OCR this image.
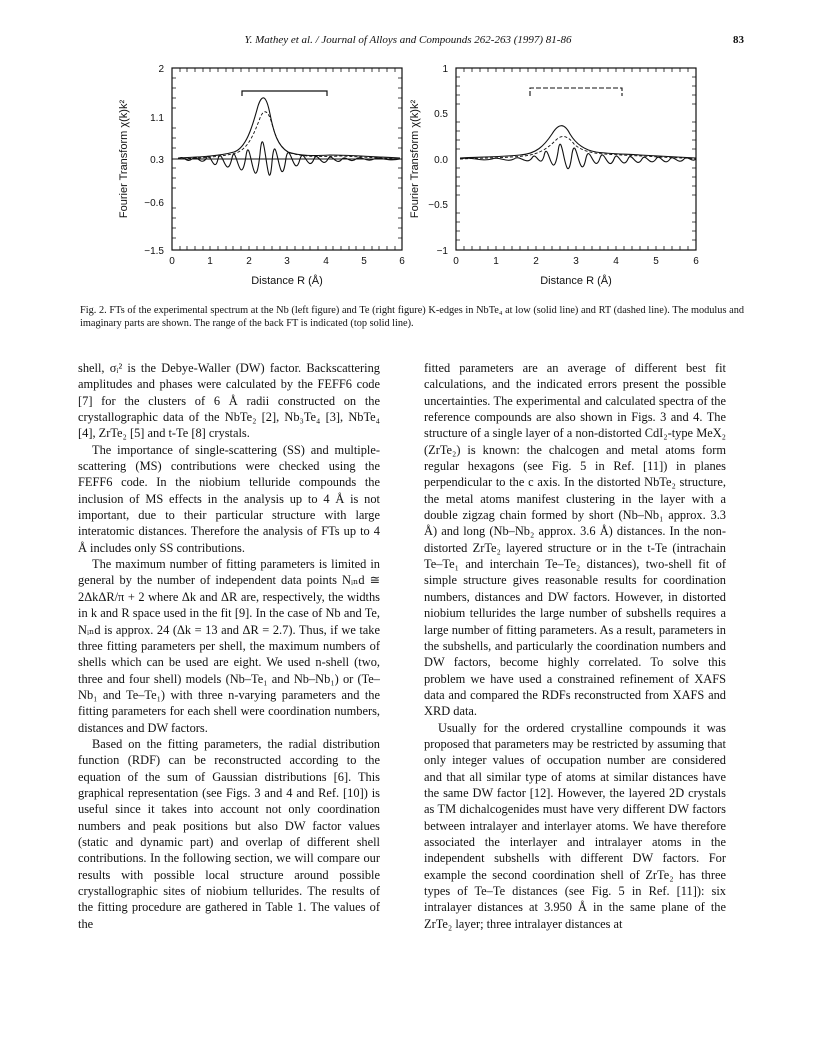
Y. Mathey et al. / Journal of Alloys and Compounds 262-263 (1997) 81-86	83
2
1.1
0.3
−0.6
−1.5
0	1	2	3	4	5	6
Distance R (Å)
Fourier Transform χ(k)k²
1
0.5
0.0
−0.5
−1
0	1	2	3	4	5	6
Distance R (Å)
Fourier Transform χ(k)k²
Fig. 2. FTs of the experimental spectrum at the Nb (left figure) and Te (right figure) K-edges in NbTe₄ at low (solid line) and RT (dashed line). The modulus and imaginary parts are shown. The range of the back FT is indicated (top solid line).

shell, σᵢ² is the Debye-Waller (DW) factor. Backscattering amplitudes and phases were calculated by the FEFF6 code [7] for the clusters of 6 Å radii constructed on the crystallographic data of the NbTe₂ [2], Nb₃Te₄ [3], NbTe₄ [4], ZrTe₂ [5] and t-Te [8] crystals.

The importance of single-scattering (SS) and multiple-scattering (MS) contributions were checked using the FEFF6 code. In the niobium telluride compounds the inclusion of MS effects in the analysis up to 4 Å is not important, due to their particular structure with large interatomic distances. Therefore the analysis of FTs up to 4 Å includes only SS contributions.

The maximum number of fitting parameters is limited in general by the number of independent data points Nᵢₙd ≅ 2ΔkΔR/π + 2 where Δk and ΔR are, respectively, the widths in k and R space used in the fit [9]. In the case of Nb and Te, Nᵢₙd is approx. 24 (Δk = 13 and ΔR = 2.7). Thus, if we take three fitting parameters per shell, the maximum numbers of shells which can be used are eight. We used n-shell (two, three and four shell) models (Nb–Te₁ and Nb–Nb₁) or (Te–Nb₁ and Te–Te₁) with three n-varying parameters and the fitting parameters for each shell were coordination numbers, distances and DW factors.

Based on the fitting parameters, the radial distribution function (RDF) can be reconstructed according to the equation of the sum of Gaussian distributions [6]. This graphical representation (see Figs. 3 and 4 and Ref. [10]) is useful since it takes into account not only coordination numbers and peak positions but also DW factor values (static and dynamic part) and overlap of different shell contributions. In the following section, we will compare our results with possible local structure around possible crystallographic sites of niobium tellurides. The results of the fitting procedure are gathered in Table 1. The values of the

fitted parameters are an average of different best fit calculations, and the indicated errors present the possible uncertainties. The experimental and calculated spectra of the reference compounds are also shown in Figs. 3 and 4. The structure of a single layer of a non-distorted CdI₂-type MeX₂ (ZrTe₂) is known: the chalcogen and metal atoms form regular hexagons (see Fig. 5 in Ref. [11]) in planes perpendicular to the c axis. In the distorted NbTe₂ structure, the metal atoms manifest clustering in the layer with a double zigzag chain formed by short (Nb–Nb₁ approx. 3.3 Å) and long (Nb–Nb₂ approx. 3.6 Å) distances. In the non-distorted ZrTe₂ layered structure or in the t-Te (intrachain Te–Te₁ and interchain Te–Te₂ distances), two-shell fit of simple structure gives reasonable results for coordination numbers, distances and DW factors. However, in distorted niobium tellurides the large number of subshells requires a large number of fitting parameters. As a result, parameters in the subshells, and particularly the coordination numbers and DW factors, become highly correlated. To solve this problem we have used a constrained refinement of XAFS data and compared the RDFs reconstructed from XAFS and XRD data.

Usually for the ordered crystalline compounds it was proposed that parameters may be restricted by assuming that only integer values of occupation number are considered and that all similar type of atoms at similar distances have the same DW factor [12]. However, the layered 2D crystals as TM dichalcogenides must have very different DW factors between intralayer and interlayer atoms. We have therefore associated the interlayer and intralayer atoms in the independent subshells with different DW factors. For example the second coordination shell of ZrTe₂ has three types of Te–Te distances (see Fig. 5 in Ref. [11]): six intralayer distances at 3.950 Å in the same plane of the ZrTe₂ layer; three intralayer distances at
